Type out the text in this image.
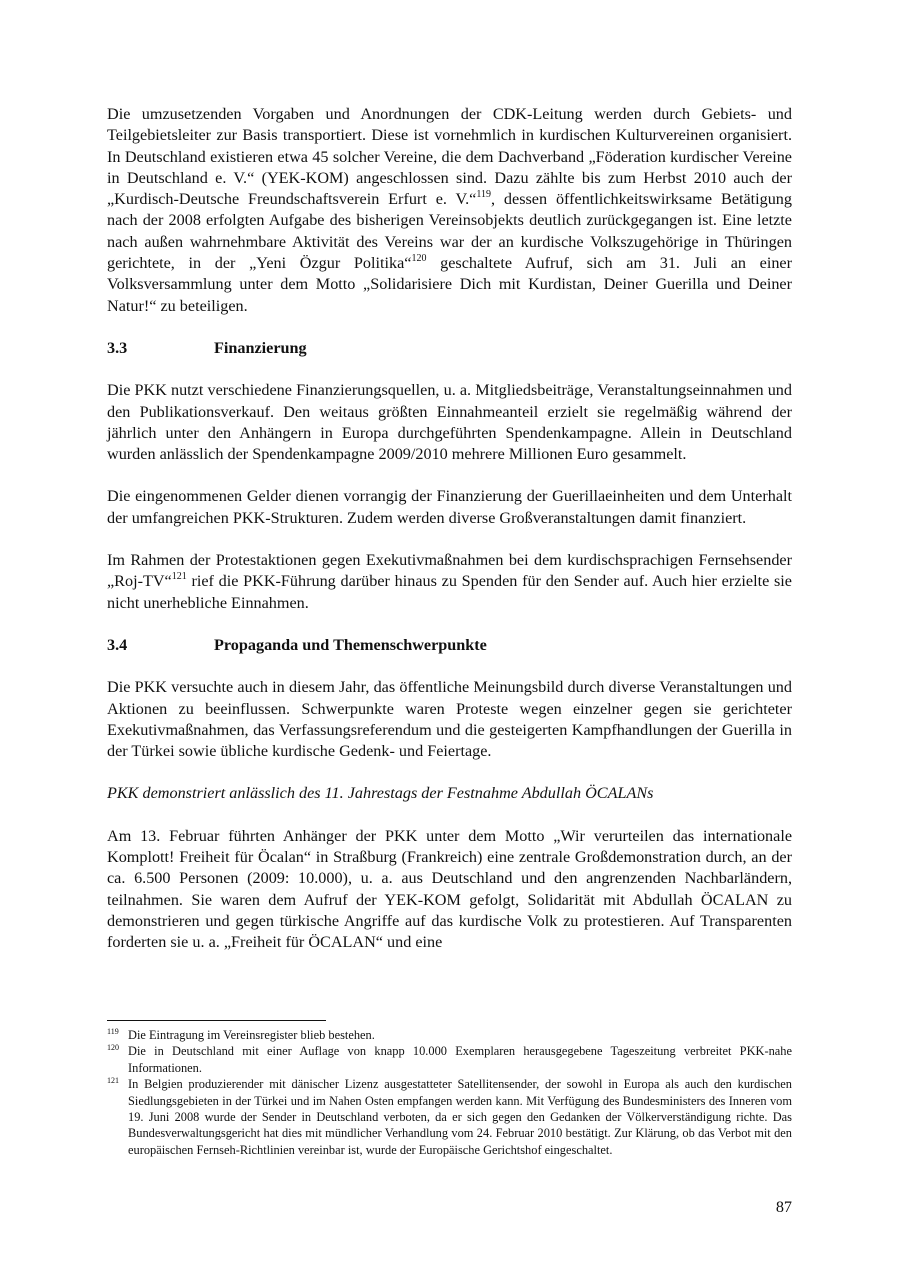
Die umzusetzenden Vorgaben und Anordnungen der CDK-Leitung werden durch Gebiets- und Teilgebietsleiter zur Basis transportiert. Diese ist vornehmlich in kurdischen Kulturvereinen organisiert. In Deutschland existieren etwa 45 solcher Vereine, die dem Dachverband „Föderation kurdischer Vereine in Deutschland e. V.“ (YEK-KOM) angeschlossen sind. Dazu zählte bis zum Herbst 2010 auch der „Kurdisch-Deutsche Freundschaftsverein Erfurt e. V.“$^{119}$, dessen öffentlichkeitswirksame Betätigung nach der 2008 erfolgten Aufgabe des bisherigen Vereinsobjekts deutlich zurückgegangen ist. Eine letzte nach außen wahrnehmbare Aktivität des Vereins war der an kurdische Volkszugehörige in Thüringen gerichtete, in der „Yeni Özgur Politika“$^{120}$ geschaltete Aufruf, sich am 31. Juli an einer Volksversammlung unter dem Motto „Solidarisiere Dich mit Kurdistan, Deiner Guerilla und Deiner Natur!“ zu beteiligen.

3.3	Finanzierung

Die PKK nutzt verschiedene Finanzierungsquellen, u. a. Mitgliedsbeiträge, Veranstaltungseinnahmen und den Publikationsverkauf. Den weitaus größten Einnahmeanteil erzielt sie regelmäßig während der jährlich unter den Anhängern in Europa durchgeführten Spendenkampagne. Allein in Deutschland wurden anlässlich der Spendenkampagne 2009/2010 mehrere Millionen Euro gesammelt.

Die eingenommenen Gelder dienen vorrangig der Finanzierung der Guerillaeinheiten und dem Unterhalt der umfangreichen PKK-Strukturen. Zudem werden diverse Großveranstaltungen damit finanziert.

Im Rahmen der Protestaktionen gegen Exekutivmaßnahmen bei dem kurdischsprachigen Fernsehsender „Roj-TV“$^{121}$ rief die PKK-Führung darüber hinaus zu Spenden für den Sender auf. Auch hier erzielte sie nicht unerhebliche Einnahmen.

3.4	Propaganda und Themenschwerpunkte

Die PKK versuchte auch in diesem Jahr, das öffentliche Meinungsbild durch diverse Veranstaltungen und Aktionen zu beeinflussen. Schwerpunkte waren Proteste wegen einzelner gegen sie gerichteter Exekutivmaßnahmen, das Verfassungsreferendum und die gesteigerten Kampfhandlungen der Guerilla in der Türkei sowie übliche kurdische Gedenk- und Feiertage.

PKK demonstriert anlässlich des 11. Jahrestags der Festnahme Abdullah ÖCALANs

Am 13. Februar führten Anhänger der PKK unter dem Motto „Wir verurteilen das internationale Komplott! Freiheit für Öcalan“ in Straßburg (Frankreich) eine zentrale Großdemonstration durch, an der ca. 6.500 Personen (2009: 10.000), u. a. aus Deutschland und den angrenzenden Nachbarländern, teilnahmen. Sie waren dem Aufruf der YEK-KOM gefolgt, Solidarität mit Abdullah ÖCALAN zu demonstrieren und gegen türkische Angriffe auf das kurdische Volk zu protestieren. Auf Transparenten forderten sie u. a. „Freiheit für ÖCALAN“ und eine

119 Die Eintragung im Vereinsregister blieb bestehen.
120 Die in Deutschland mit einer Auflage von knapp 10.000 Exemplaren herausgegebene Tageszeitung verbreitet PKK-nahe Informationen.
121 In Belgien produzierender mit dänischer Lizenz ausgestatteter Satellitensender, der sowohl in Europa als auch den kurdischen Siedlungsgebieten in der Türkei und im Nahen Osten empfangen werden kann. Mit Verfügung des Bundesministers des Inneren vom 19. Juni 2008 wurde der Sender in Deutschland verboten, da er sich gegen den Gedanken der Völkerverständigung richte. Das Bundesverwaltungsgericht hat dies mit mündlicher Verhandlung vom 24. Februar 2010 bestätigt. Zur Klärung, ob das Verbot mit den europäischen Fernseh-Richtlinien vereinbar ist, wurde der Europäische Gerichtshof eingeschaltet.
87
